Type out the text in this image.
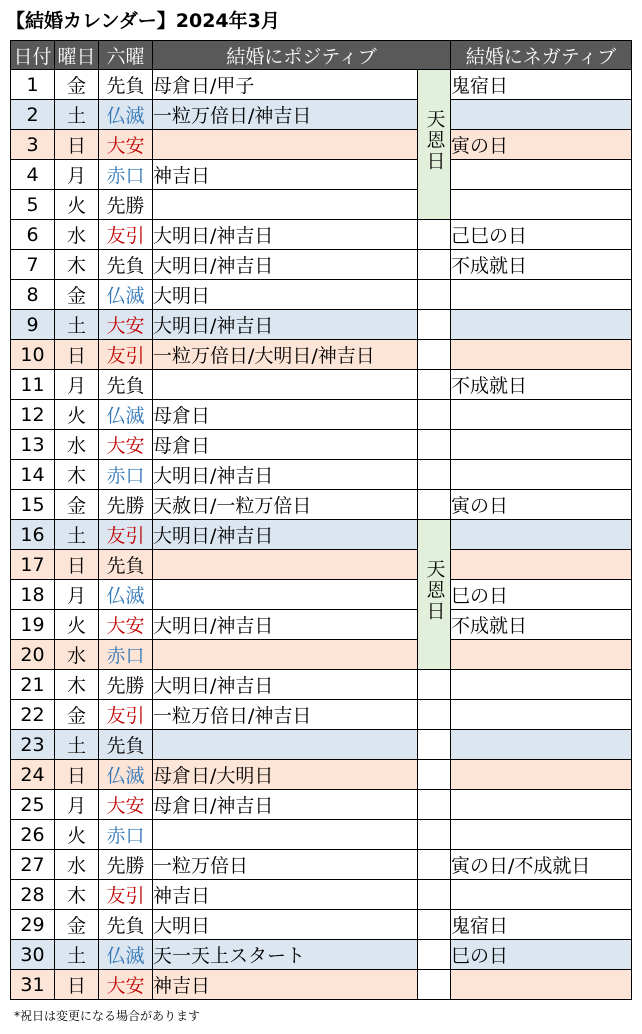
【結婚カレンダー】2024年3月
日付	曜日	六曜	結婚にポジティブ		結婚にネガティブ
1	金	先負	母倉日/甲子	天恩日	鬼宿日
2	土	仏滅	一粒万倍日/神吉日		
3	日	大安			寅の日
4	月	赤口	神吉日		
5	火	先勝			
6	水	友引	大明日/神吉日		己巳の日
7	木	先負	大明日/神吉日		不成就日
8	金	仏滅	大明日		
9	土	大安	大明日/神吉日		
10	日	友引	一粒万倍日/大明日/神吉日		
11	月	先負			不成就日
12	火	仏滅	母倉日		
13	水	大安	母倉日		
14	木	赤口	大明日/神吉日		
15	金	先勝	天赦日/一粒万倍日		寅の日
16	土	友引	大明日/神吉日	天恩日	
17	日	先負			
18	月	仏滅			巳の日
19	火	大安	大明日/神吉日		不成就日
20	水	赤口			
21	木	先勝	大明日/神吉日		
22	金	友引	一粒万倍日/神吉日		
23	土	先負			
24	日	仏滅	母倉日/大明日		
25	月	大安	母倉日/神吉日		
26	火	赤口			
27	水	先勝	一粒万倍日		寅の日/不成就日
28	木	友引	神吉日		
29	金	先負	大明日		鬼宿日
30	土	仏滅	天一天上スタート		巳の日
31	日	大安	神吉日		
*祝日は変更になる場合があります
